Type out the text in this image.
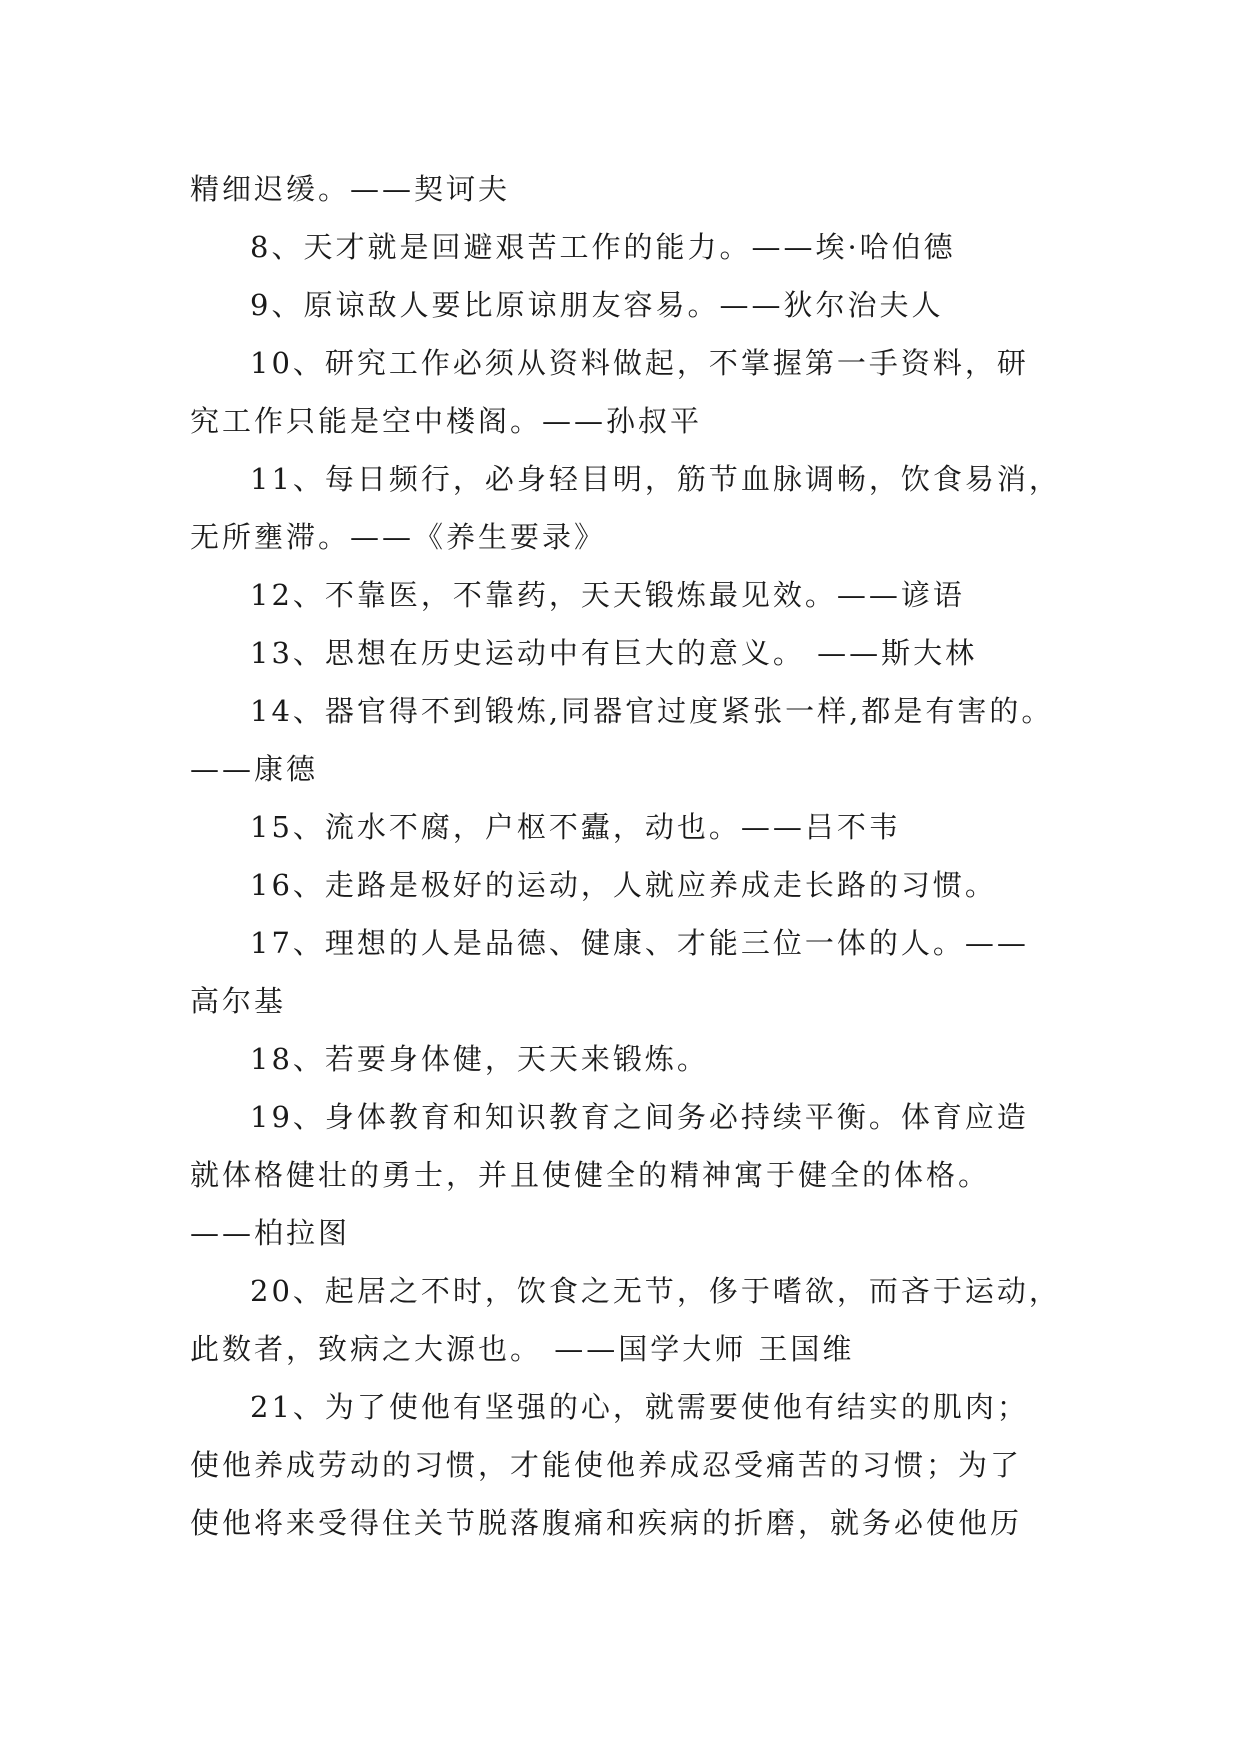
精细迟缓。——契诃夫
8、天才就是回避艰苦工作的能力。——埃·哈伯德
9、原谅敌人要比原谅朋友容易。——狄尔治夫人
10、研究工作必须从资料做起，不掌握第一手资料，研
究工作只能是空中楼阁。——孙叔平
11、每日频行，必身轻目明，筋节血脉调畅，饮食易消，
无所壅滞。——《养生要录》
12、不靠医，不靠药，天天锻炼最见效。——谚语
13、思想在历史运动中有巨大的意义。 ——斯大林
14、器官得不到锻炼,同器官过度紧张一样,都是有害的。
——康德
15、流水不腐，户枢不蠹，动也。——吕不韦
16、走路是极好的运动，人就应养成走长路的习惯。
17、理想的人是品德、健康、才能三位一体的人。——
高尔基
18、若要身体健，天天来锻炼。
19、身体教育和知识教育之间务必持续平衡。体育应造
就体格健壮的勇士，并且使健全的精神寓于健全的体格。
——柏拉图
20、起居之不时，饮食之无节，侈于嗜欲，而吝于运动，
此数者，致病之大源也。 ——国学大师 王国维
21、为了使他有坚强的心，就需要使他有结实的肌肉；
使他养成劳动的习惯，才能使他养成忍受痛苦的习惯；为了
使他将来受得住关节脱落腹痛和疾病的折磨，就务必使他历
